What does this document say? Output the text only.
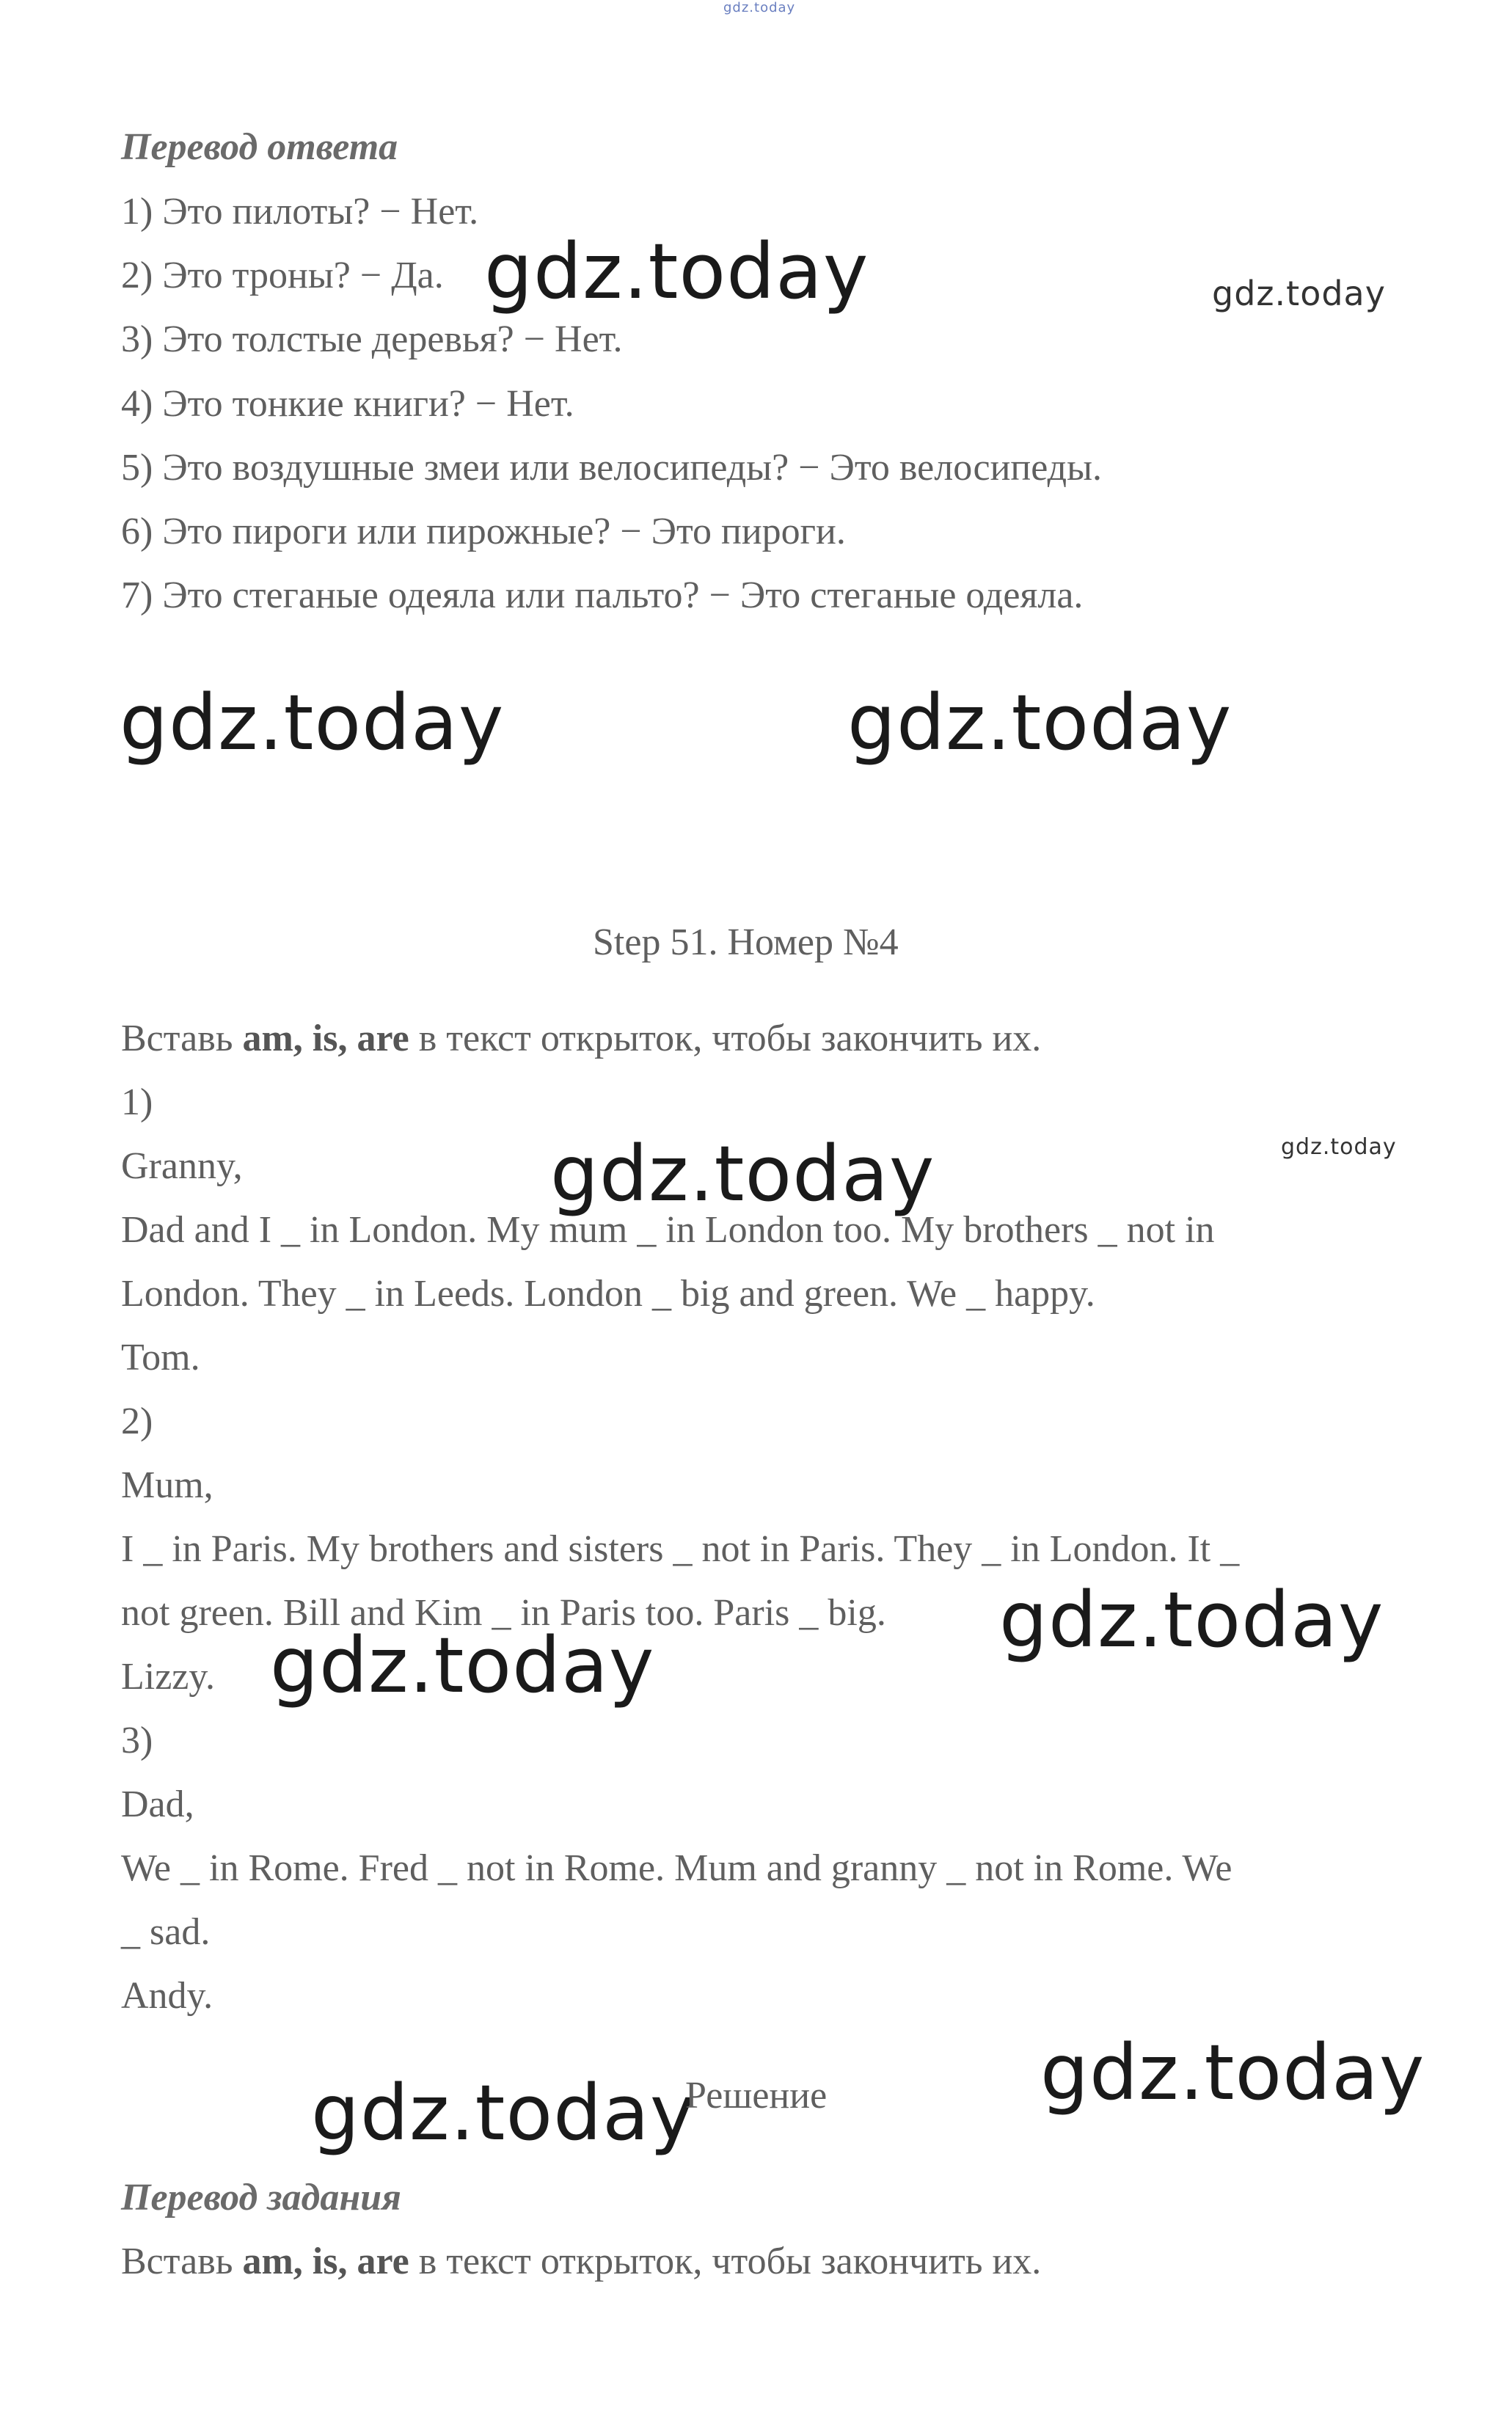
gdz.today
Перевод ответа
1) Это пилоты? − Нет.
2) Это троны? − Да.
3) Это толстые деревья? − Нет.
4) Это тонкие книги? − Нет.
5) Это воздушные змеи или велосипеды? − Это велосипеды.
6) Это пироги или пирожные? − Это пироги.
7) Это стеганые одеяла или пальто? − Это стеганые одеяла.
gdz.today	gdz.today
gdz.today	gdz.today
Step 51. Номер №4
Вставь am, is, are в текст открыток, чтобы закончить их.
1)
Granny,
Dad and I _ in London. My mum _ in London too. My brothers _ not in
London. They _ in Leeds. London _ big and green. We _ happy.
Tom.
2)
Mum,
I _ in Paris. My brothers and sisters _ not in Paris. They _ in London. It _
not green. Bill and Kim _ in Paris too. Paris _ big.
Lizzy.
3)
Dad,
We _ in Rome. Fred _ not in Rome. Mum and granny _ not in Rome. We
_ sad.
Andy.
gdz.today	gdz.today
gdz.today
gdz.today
gdz.today
gdz.today
Решение
Перевод задания
Вставь am, is, are в текст открыток, чтобы закончить их.
